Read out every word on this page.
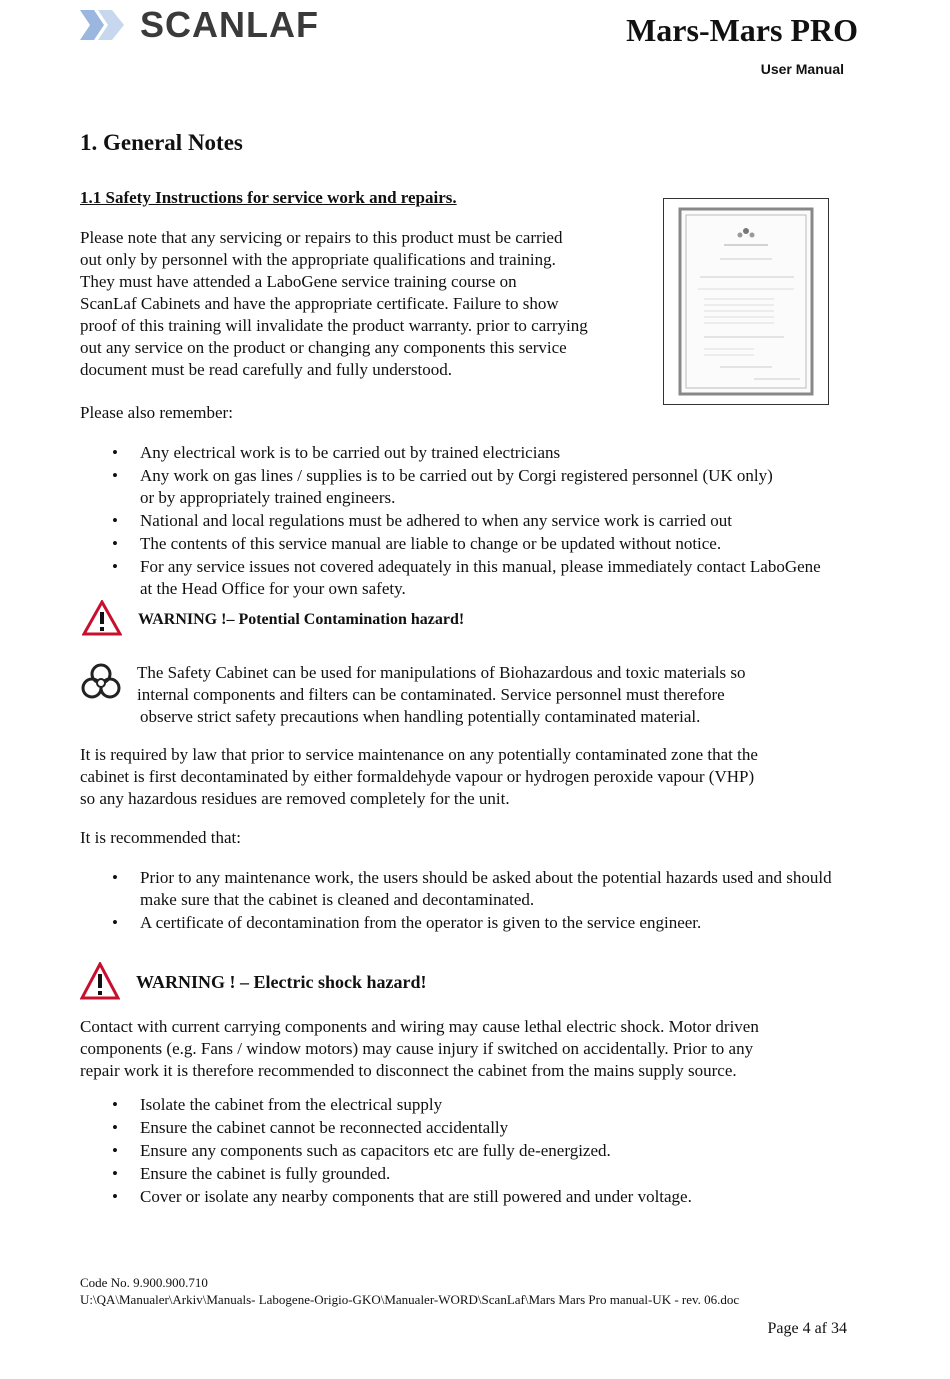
SCANLAF	Mars-Mars PRO
User Manual
1. General Notes
1.1 Safety Instructions for service work and repairs.
Please note that any servicing or repairs to this product must be carried
out only by personnel with the appropriate qualifications and training.
They must have attended a LaboGene service training course on
ScanLaf Cabinets and have the appropriate certificate. Failure to show
proof of this training will invalidate the product warranty. prior to carrying
out any service on the product or changing any components this service
document must be read carefully and fully understood.
Please also remember:
• Any electrical work is to be carried out by trained electricians
• Any work on gas lines / supplies is to be carried out by Corgi registered personnel (UK only) or by appropriately trained engineers.
• National and local regulations must be adhered to when any service work is carried out
• The contents of this service manual are liable to change or be updated without notice.
• For any service issues not covered adequately in this manual, please immediately contact LaboGene at the Head Office for your own safety.
WARNING !– Potential Contamination hazard!
The Safety Cabinet can be used for manipulations of Biohazardous and toxic materials so
internal components and filters can be contaminated. Service personnel must therefore
observe strict safety precautions when handling potentially contaminated material.
It is required by law that prior to service maintenance on any potentially contaminated zone that the
cabinet is first decontaminated by either formaldehyde vapour or hydrogen peroxide vapour (VHP)
so any hazardous residues are removed completely for the unit.
It is recommended that:
• Prior to any maintenance work, the users should be asked about the potential hazards used and should make sure that the cabinet is cleaned and decontaminated.
• A certificate of decontamination from the operator is given to the service engineer.
WARNING ! – Electric shock hazard!
Contact with current carrying components and wiring may cause lethal electric shock. Motor driven
components (e.g. Fans / window motors) may cause injury if switched on accidentally. Prior to any
repair work it is therefore recommended to disconnect the cabinet from the mains supply source.
• Isolate the cabinet from the electrical supply
• Ensure the cabinet cannot be reconnected accidentally
• Ensure any components such as capacitors etc are fully de-energized.
• Ensure the cabinet is fully grounded.
• Cover or isolate any nearby components that are still powered and under voltage.
Code No. 9.900.900.710
U:\QA\Manualer\Arkiv\Manuals- Labogene-Origio-GKO\Manualer-WORD\ScanLaf\Mars Mars Pro manual-UK - rev. 06.doc
Page 4 af 34
